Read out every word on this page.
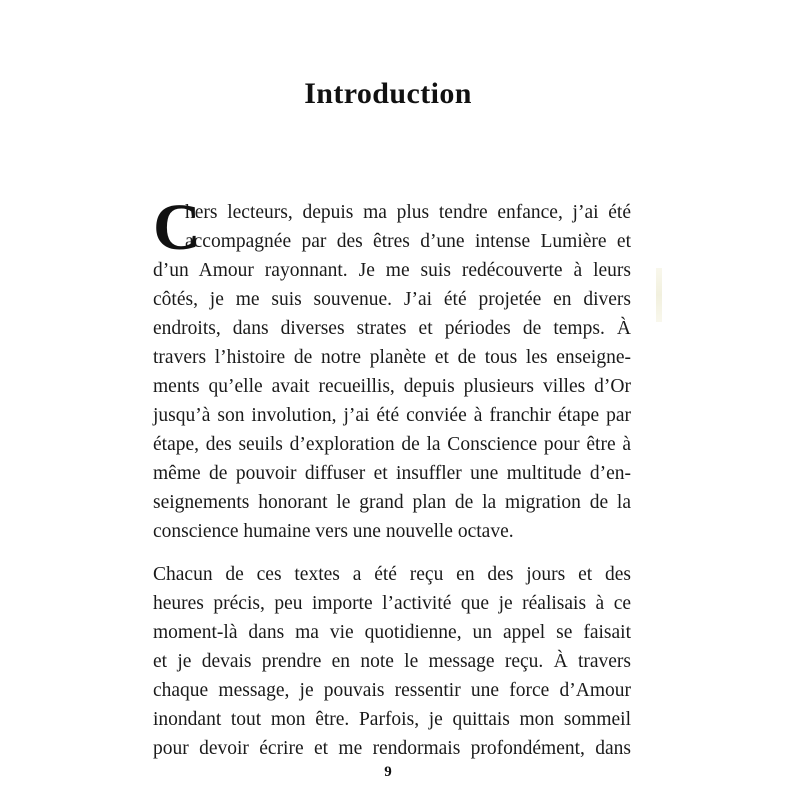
Introduction
C
hers lecteurs, depuis ma plus tendre enfance, j’ai été
accompagnée par des êtres d’une intense Lumière et
d’un Amour rayonnant. Je me suis redécouverte à leurs
côtés, je me suis souvenue. J’ai été projetée en divers
endroits, dans diverses strates et périodes de temps. À
travers l’histoire de notre planète et de tous les enseigne-
ments qu’elle avait recueillis, depuis plusieurs villes d’Or
jusqu’à son involution, j’ai été conviée à franchir étape par
étape, des seuils d’exploration de la Conscience pour être à
même de pouvoir diffuser et insuffler une multitude d’en-
seignements honorant le grand plan de la migration de la
conscience humaine vers une nouvelle octave.
Chacun de ces textes a été reçu en des jours et des
heures précis, peu importe l’activité que je réalisais à ce
moment-là dans ma vie quotidienne, un appel se faisait
et je devais prendre en note le message reçu. À travers
chaque message, je pouvais ressentir une force d’Amour
inondant tout mon être. Parfois, je quittais mon sommeil
pour devoir écrire et me rendormais profondément, dans
9
